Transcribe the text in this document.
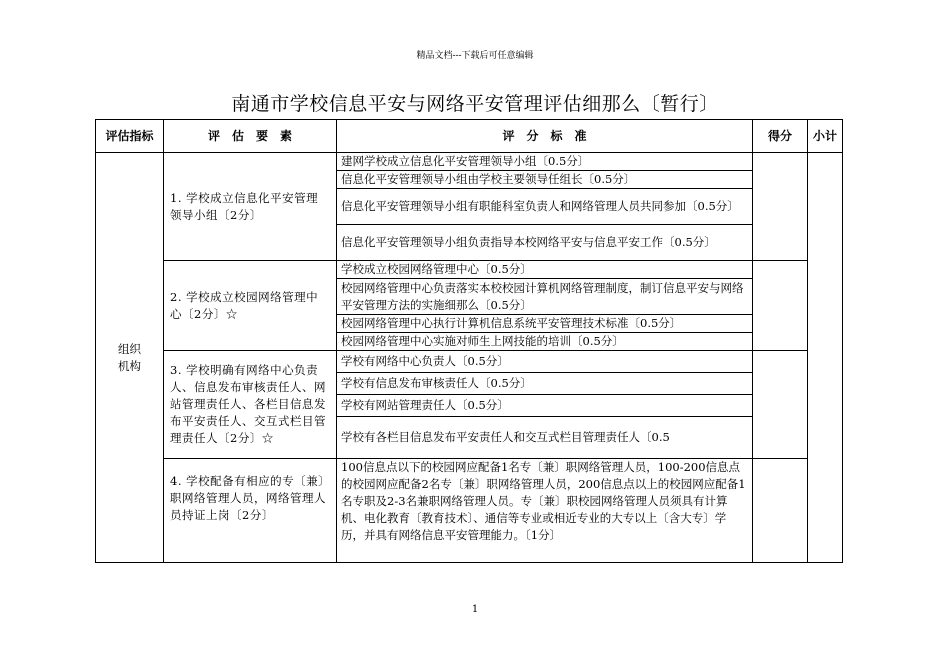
精品文档---下载后可任意编辑
南通市学校信息平安与网络平安管理评估细那么〔暂行〕
评估指标	评　估　要　素	评　分　标　准	得分	小计

组织机构	1. 学校成立信息化平安管理领导小组〔2分〕	建网学校成立信息化平安管理领导小组〔0.5分〕		
		信息化平安管理领导小组由学校主要领导任组长〔0.5分〕		
		信息化平安管理领导小组有职能科室负责人和网络管理人员共同参加〔0.5分〕		
		信息化平安管理领导小组负责指导本校网络平安与信息平安工作〔0.5分〕		
	2. 学校成立校园网络管理中心〔2分〕☆	学校成立校园网络管理中心〔0.5分〕		
		校园网络管理中心负责落实本校校园计算机网络管理制度，制订信息平安与网络平安管理方法的实施细那么〔0.5分〕		
		校园网络管理中心执行计算机信息系统平安管理技术标准〔0.5分〕		
		校园网络管理中心实施对师生上网技能的培训〔0.5分〕		
	3. 学校明确有网络中心负责人、信息发布审核责任人、网站管理责任人、各栏目信息发布平安责任人、交互式栏目管理责任人〔2分〕☆	学校有网络中心负责人〔0.5分〕		
		学校有信息发布审核责任人〔0.5分〕		
		学校有网站管理责任人〔0.5分〕		
		学校有各栏目信息发布平安责任人和交互式栏目管理责任人〔0.5		
	4. 学校配备有相应的专〔兼〕职网络管理人员，网络管理人员持证上岗〔2分〕	100信息点以下的校园网应配备1名专〔兼〕职网络管理人员，100-200信息点的校园网应配备2名专〔兼〕职网络管理人员，200信息点以上的校园网应配备1名专职及2-3名兼职网络管理人员。专〔兼〕职校园网络管理人员须具有计算机、电化教育〔教育技术〕、通信等专业或相近专业的大专以上〔含大专〕学历，并具有网络信息平安管理能力。〔1分〕		
1
